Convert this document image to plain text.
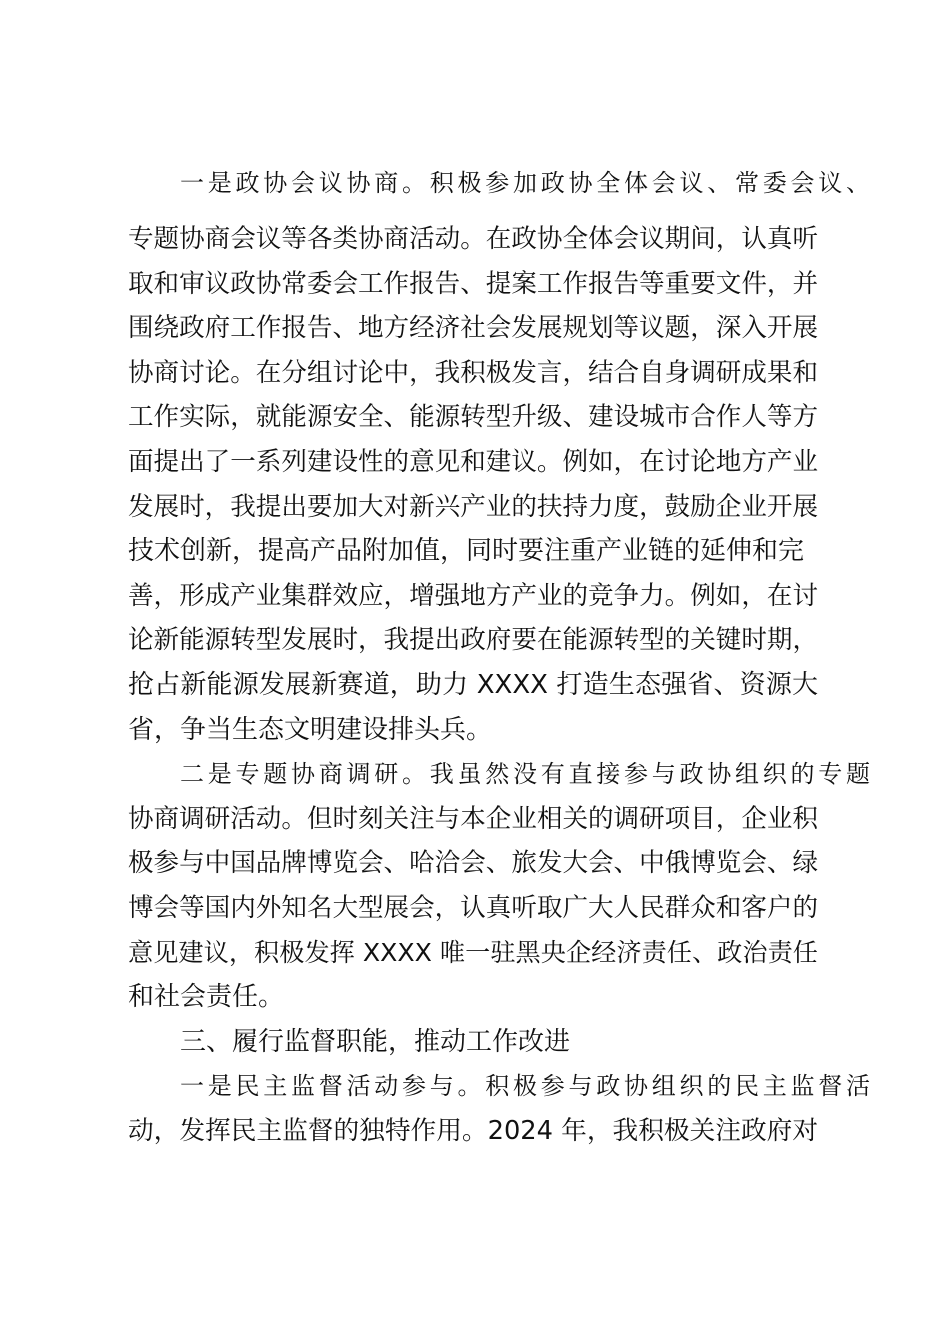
一是政协会议协商。积极参加政协全体会议、常委会议、
专题协商会议等各类协商活动。在政协全体会议期间，认真听
取和审议政协常委会工作报告、提案工作报告等重要文件，并
围绕政府工作报告、地方经济社会发展规划等议题，深入开展
协商讨论。在分组讨论中，我积极发言，结合自身调研成果和
工作实际，就能源安全、能源转型升级、建设城市合作人等方
面提出了一系列建设性的意见和建议。例如，在讨论地方产业
发展时，我提出要加大对新兴产业的扶持力度，鼓励企业开展
技术创新，提高产品附加值，同时要注重产业链的延伸和完
善，形成产业集群效应，增强地方产业的竞争力。例如，在讨
论新能源转型发展时，我提出政府要在能源转型的关键时期，
抢占新能源发展新赛道，助力 XXXX 打造生态强省、资源大
省，争当生态文明建设排头兵。
二是专题协商调研。我虽然没有直接参与政协组织的专题
协商调研活动。但时刻关注与本企业相关的调研项目，企业积
极参与中国品牌博览会、哈洽会、旅发大会、中俄博览会、绿
博会等国内外知名大型展会，认真听取广大人民群众和客户的
意见建议，积极发挥 XXXX 唯一驻黑央企经济责任、政治责任
和社会责任。
三、履行监督职能，推动工作改进
一是民主监督活动参与。积极参与政协组织的民主监督活
动，发挥民主监督的独特作用。2024 年，我积极关注政府对
